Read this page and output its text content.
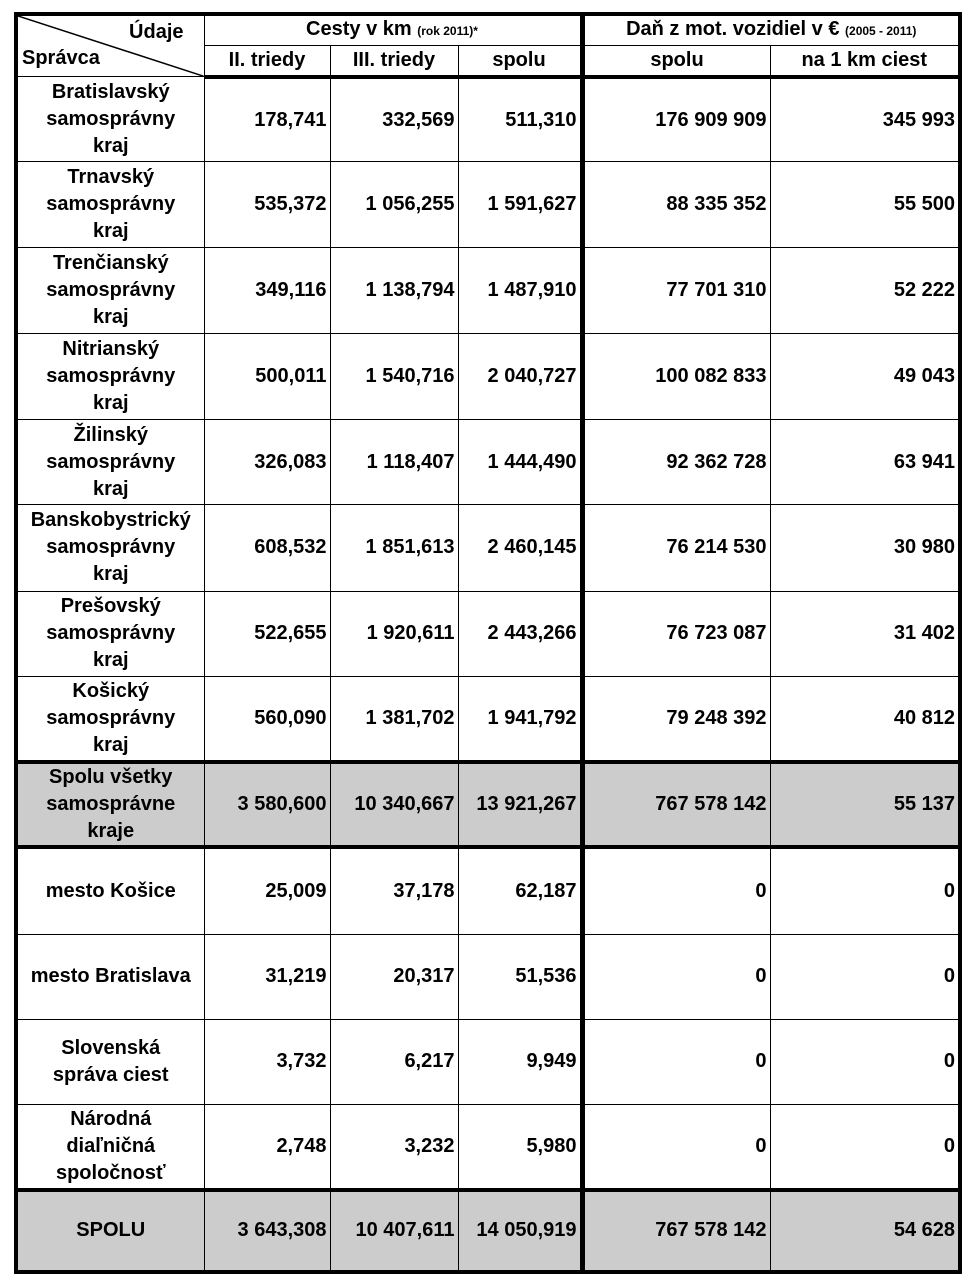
Údaje
Správca	Cesty v km (rok 2011)*			Daň z mot. vozidiel v € (2005 - 2011)	
	II. triedy	III. triedy	spolu	spolu	na 1 km ciest
Bratislavský
samosprávny
kraj	178,741	332,569	511,310	176 909 909	345 993
Trnavský
samosprávny
kraj	535,372	1 056,255	1 591,627	88 335 352	55 500
Trenčianský
samosprávny
kraj	349,116	1 138,794	1 487,910	77 701 310	52 222
Nitrianský
samosprávny
kraj	500,011	1 540,716	2 040,727	100 082 833	49 043
Žilinský
samosprávny
kraj	326,083	1 118,407	1 444,490	92 362 728	63 941
Banskobystrický
samosprávny
kraj	608,532	1 851,613	2 460,145	76 214 530	30 980
Prešovský
samosprávny
kraj	522,655	1 920,611	2 443,266	76 723 087	31 402
Košický
samosprávny
kraj	560,090	1 381,702	1 941,792	79 248 392	40 812
Spolu všetky
samosprávne
kraje	3 580,600	10 340,667	13 921,267	767 578 142	55 137
mesto Košice	25,009	37,178	62,187	0	0
mesto Bratislava	31,219	20,317	51,536	0	0
Slovenská
správa ciest	3,732	6,217	9,949	0	0
Národná
diaľničná
spoločnosť	2,748	3,232	5,980	0	0
SPOLU	3 643,308	10 407,611	14 050,919	767 578 142	54 628
